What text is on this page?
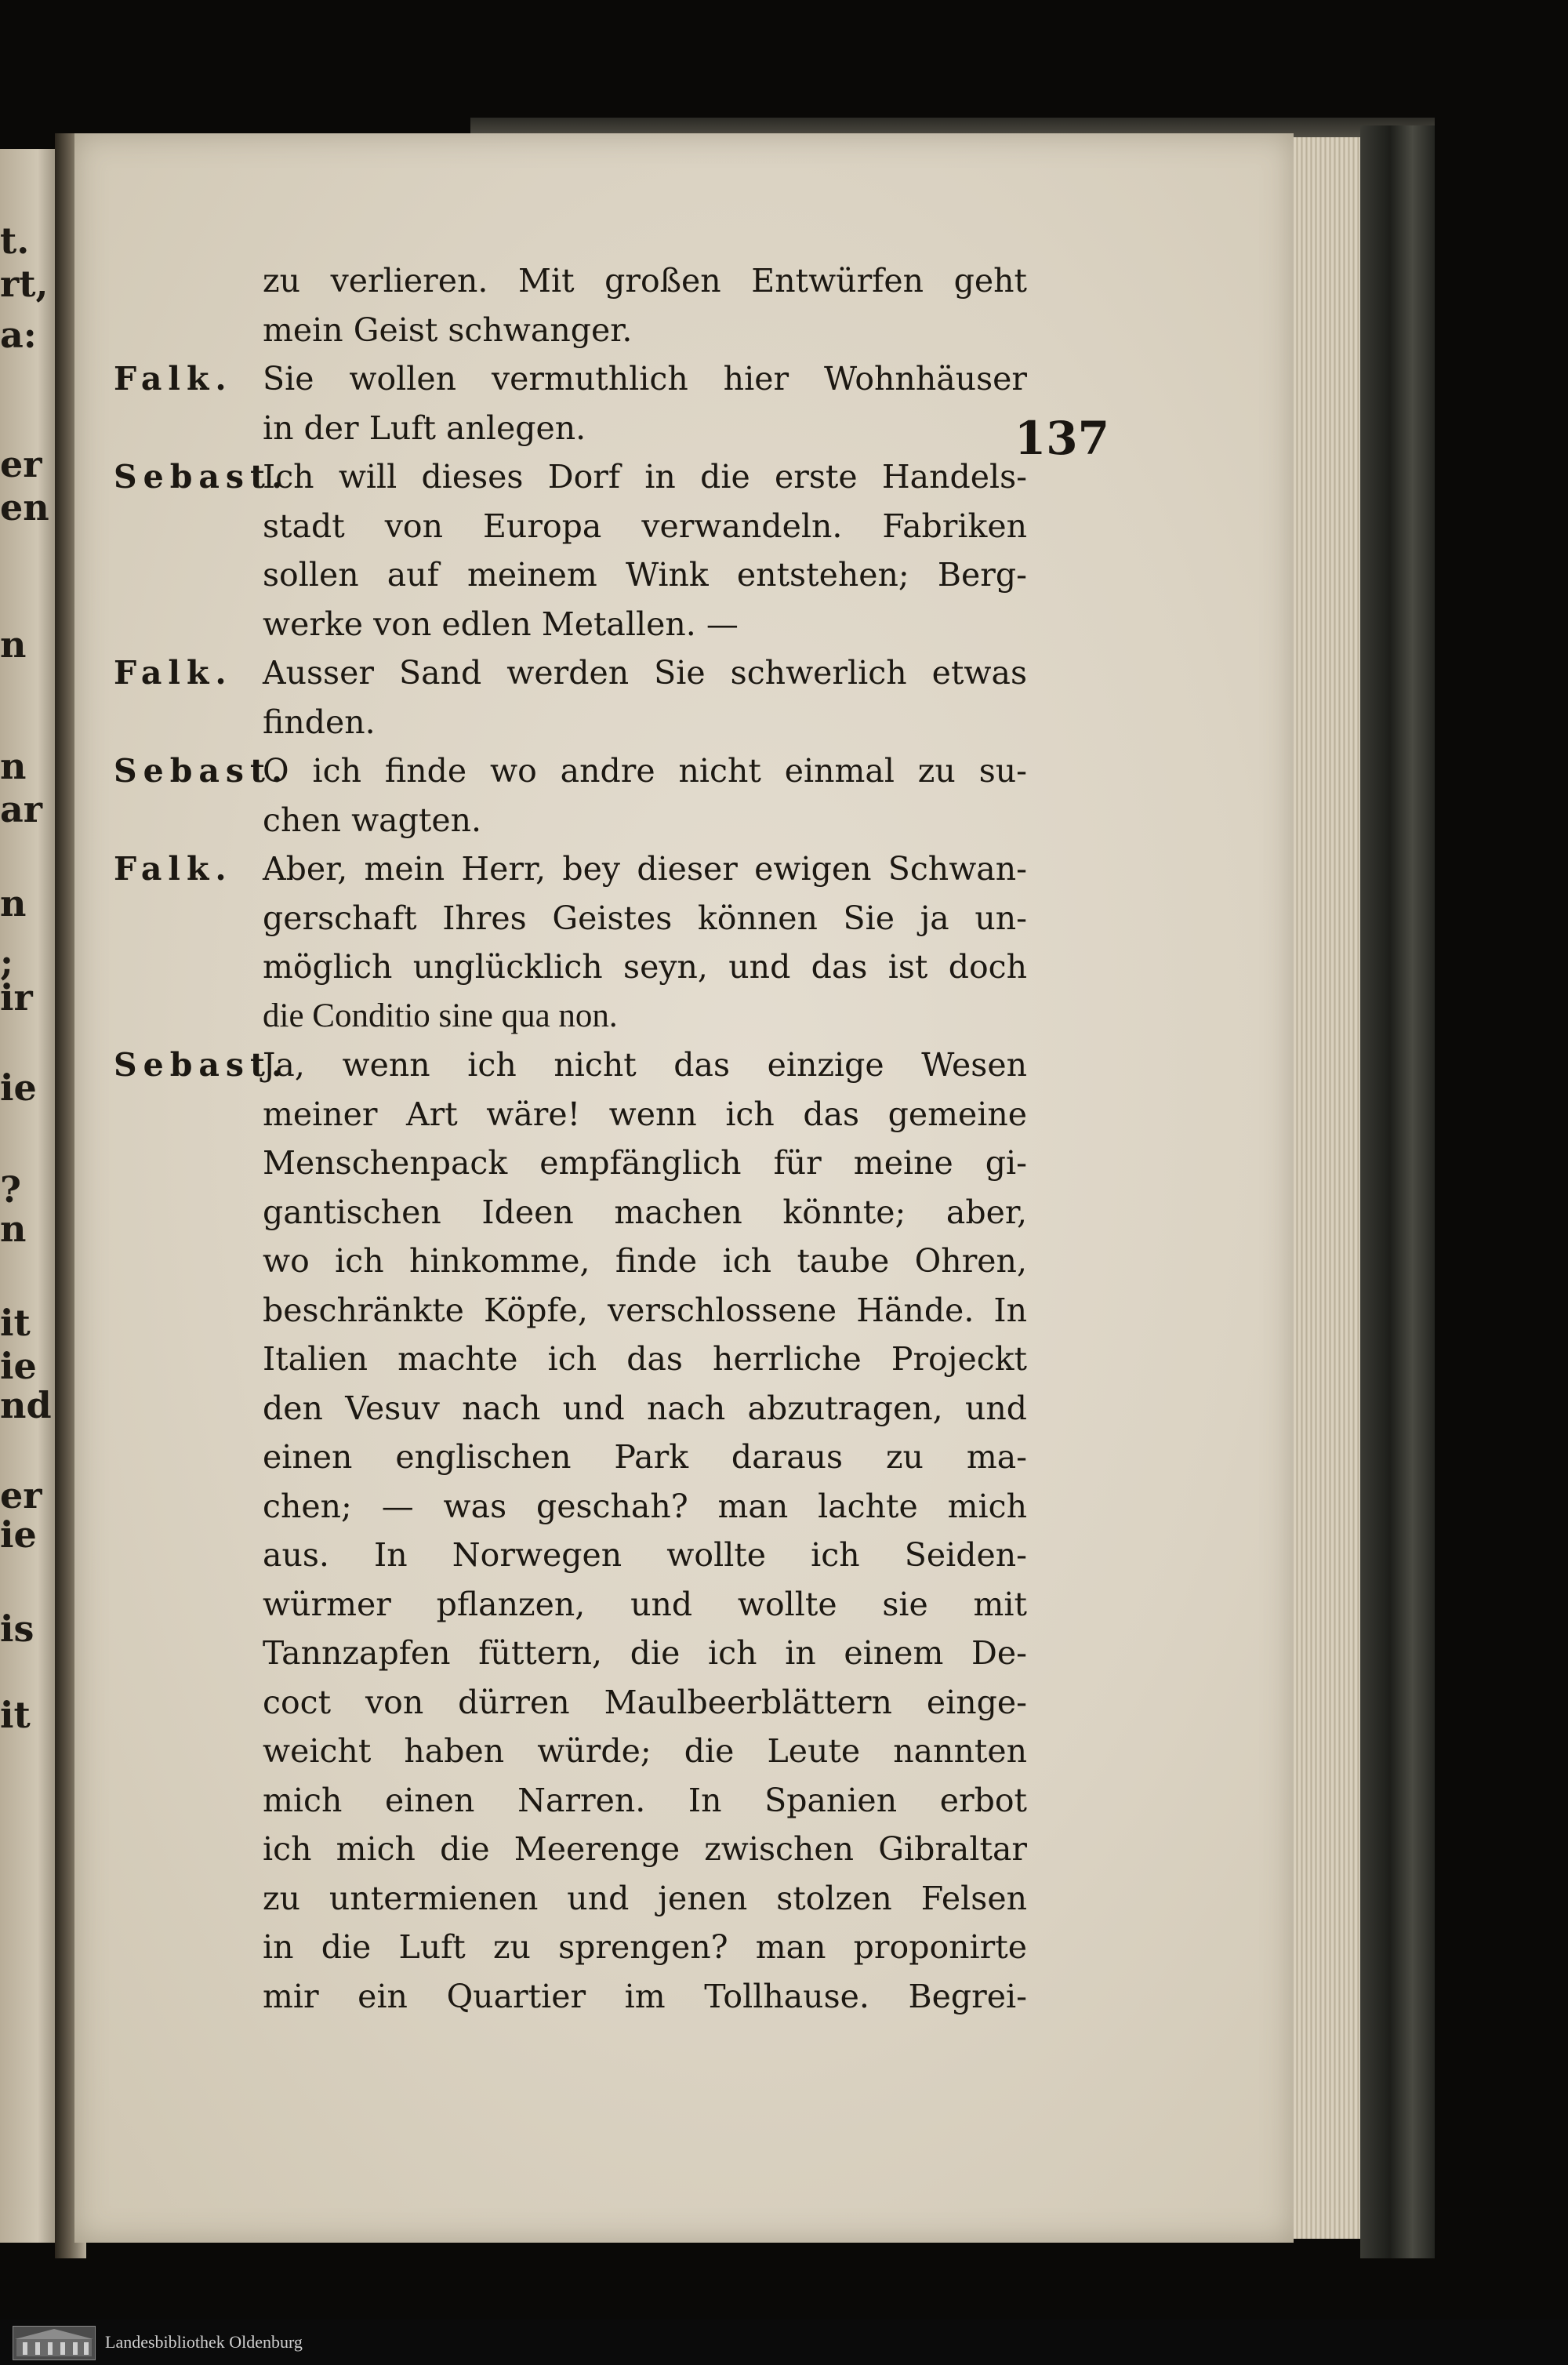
t.
rt,
a:
er
en
n
n
ar
n
;
ir
ie
?
n
it
ie
nd
er
ie
is
it
137
zu verlieren. Mit großen Entwürfen geht
mein Geist schwanger.
Falk. Sie wollen vermuthlich hier Wohnhäuser
in der Luft anlegen.
Sebast.
Ich will dieses Dorf in die erste Handels-
stadt von Europa verwandeln. Fabriken
sollen auf meinem Wink entstehen; Berg-
werke von edlen Metallen. —
Falk. Ausser Sand werden Sie schwerlich etwas
finden.
Sebast.
O ich finde wo andre nicht einmal zu su-
chen wagten.
Falk. Aber, mein Herr, bey dieser ewigen Schwan-
gerschaft Ihres Geistes können Sie ja un-
möglich unglücklich seyn, und das ist doch
die Conditio sine qua non.
Sebast.
Ja, wenn ich nicht das einzige Wesen
meiner Art wäre! wenn ich das gemeine
Menschenpack empfänglich für meine gi-
gantischen Ideen machen könnte; aber,
wo ich hinkomme, finde ich taube Ohren,
beschränkte Köpfe, verschlossene Hände. In
Italien machte ich das herrliche Projeckt
den Vesuv nach und nach abzutragen, und
einen englischen Park daraus zu ma-
chen; — was geschah? man lachte mich
aus. In Norwegen wollte ich Seiden-
würmer pflanzen, und wollte sie mit
Tannzapfen füttern, die ich in einem De-
coct von dürren Maulbeerblättern einge-
weicht haben würde; die Leute nannten
mich einen Narren. In Spanien erbot
ich mich die Meerenge zwischen Gibraltar
zu untermienen und jenen stolzen Felsen
in die Luft zu sprengen? man proponirte
mir ein Quartier im Tollhause. Begrei-
Landesbibliothek Oldenburg
